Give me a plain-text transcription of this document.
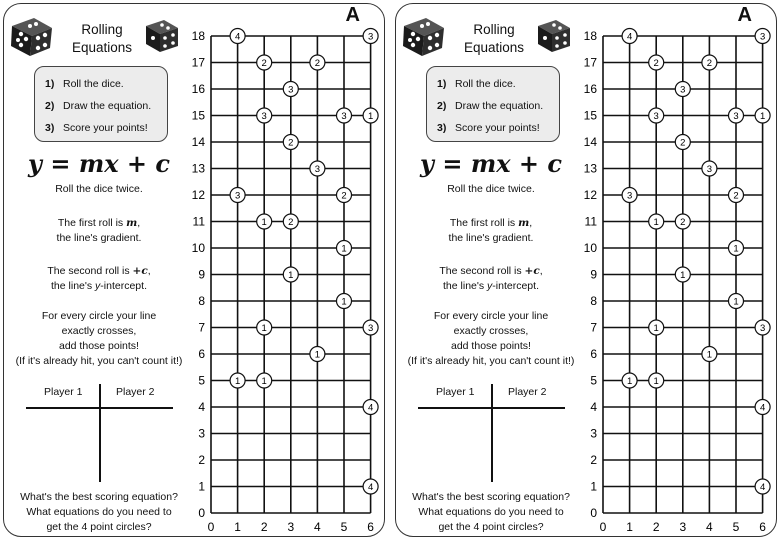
Rolling
Equations
1) Roll the dice.
2) Draw the equation.
3) Score your points!
y = mx + c
Roll the dice twice.
The first roll is m,
the line's gradient.
The second roll is +c,
the line's y-intercept.
For every circle your line
exactly crosses,
add those points!
(If it's already hit, you can't count it!)
Player 1	Player 2
What's the best scoring equation?
What equations do you need to
get the 4 point circles?	0 1 2 3 4 5 6
0
1
2
3
4
5
6
7
8
9
10
11
12
13
14
15
16
17
18	4	3
2	2
3
3	3 1
2
3
3	2
1 2
1
1
1
1	3
1
1 1
4
4
A
Rolling
Equations
1) Roll the dice.
2) Draw the equation.
3) Score your points!
y = mx + c
Roll the dice twice.
The first roll is m,
the line's gradient.
The second roll is +c,
the line's y-intercept.
For every circle your line
exactly crosses,
add those points!
(If it's already hit, you can't count it!)
Player 1	Player 2
What's the best scoring equation?
What equations do you need to
get the 4 point circles?	0 1 2 3 4 5 6
0
1
2
3
4
5
6
7
8
9
10
11
12
13
14
15
16
17
18	4	3
2	2
3
3	3 1
2
3
3	2
1 2
1
1
1
1	3
1
1 1
4
4
A
